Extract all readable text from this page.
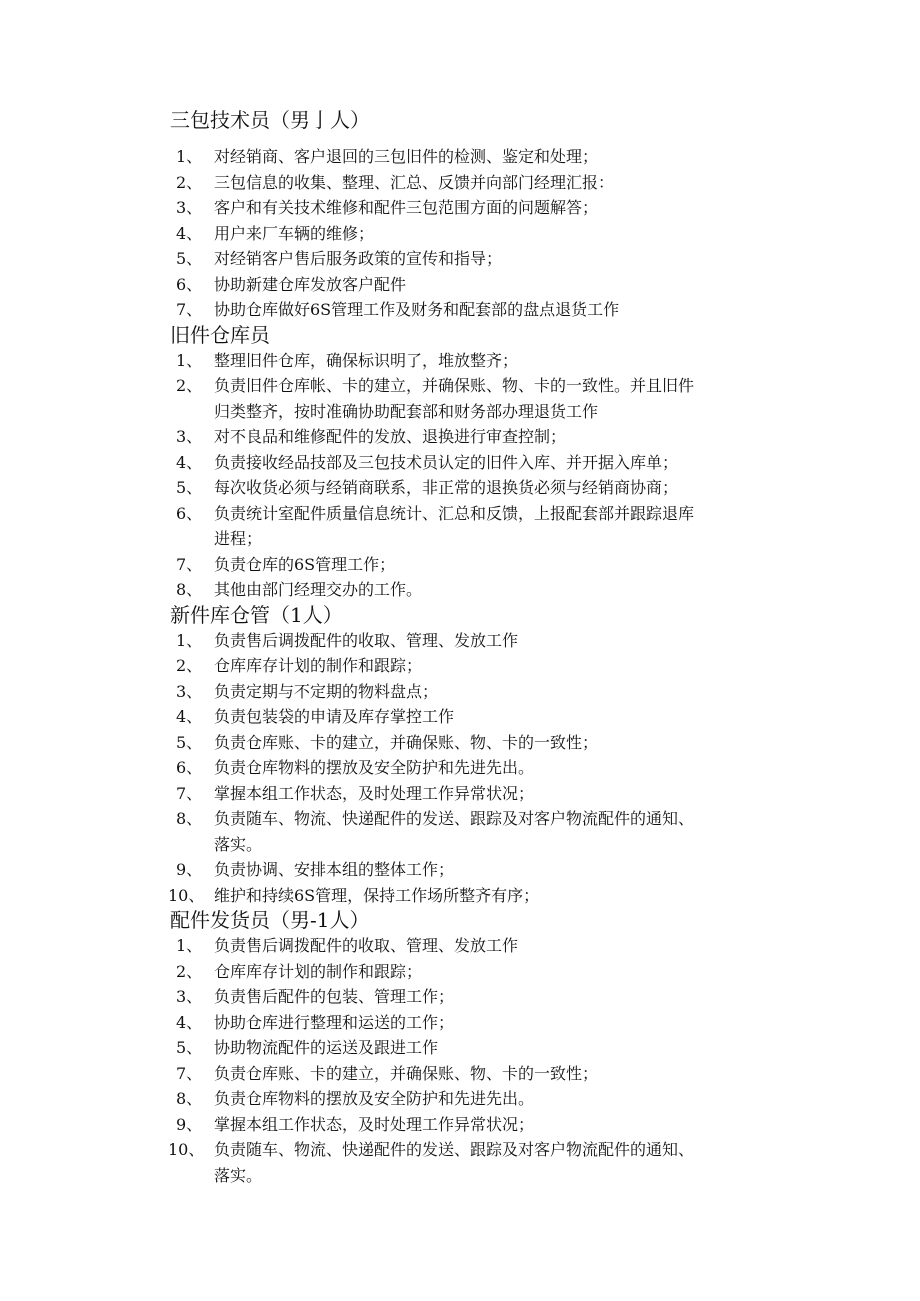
三包技术员（男亅人）
1、 对经销商、客户退回的三包旧件的检测、鉴定和处理；
2、 三包信息的收集、整理、汇总、反馈并向部门经理汇报：
3、 客户和有关技术维修和配件三包范围方面的问题解答；
4、 用户来厂车辆的维修；
5、 对经销客户售后服务政策的宣传和指导；
6、 协助新建仓库发放客户配件
7、 协助仓库做好6S管理工作及财务和配套部的盘点退货工作
旧件仓库员
1、 整理旧件仓库，确保标识明了，堆放整齐；
2、 负责旧件仓库帐、卡的建立，并确保账、物、卡的一致性。并且旧件
归类整齐，按时准确协助配套部和财务部办理退货工作
3、 对不良品和维修配件的发放、退换进行审查控制；
4、 负责接收经品技部及三包技术员认定的旧件入库、并开据入库单；
5、 每次收货必须与经销商联系，非正常的退换货必须与经销商协商；
6、 负责统计室配件质量信息统计、汇总和反馈，上报配套部并跟踪退库
进程；
7、 负责仓库的6S管理工作；
8、 其他由部门经理交办的工作。
新件库仓管（1人）
1、 负责售后调拨配件的收取、管理、发放工作
2、 仓库库存计划的制作和跟踪；
3、 负责定期与不定期的物料盘点；
4、 负责包装袋的申请及库存掌控工作
5、 负责仓库账、卡的建立，并确保账、物、卡的一致性；
6、 负责仓库物料的摆放及安全防护和先进先出。
7、 掌握本组工作状态，及时处理工作异常状况；
8、 负责随车、物流、快递配件的发送、跟踪及对客户物流配件的通知、
落实。
9、 负责协调、安排本组的整体工作；
10、 维护和持续6S管理，保持工作场所整齐有序；
配件发货员（男-1人）
1、 负责售后调拨配件的收取、管理、发放工作
2、 仓库库存计划的制作和跟踪；
3、 负责售后配件的包装、管理工作；
4、 协助仓库进行整理和运送的工作；
5、 协助物流配件的运送及跟进工作
7、 负责仓库账、卡的建立，并确保账、物、卡的一致性；
8、 负责仓库物料的摆放及安全防护和先进先出。
9、 掌握本组工作状态，及时处理工作异常状况；
10、 负责随车、物流、快递配件的发送、跟踪及对客户物流配件的通知、
落实。
